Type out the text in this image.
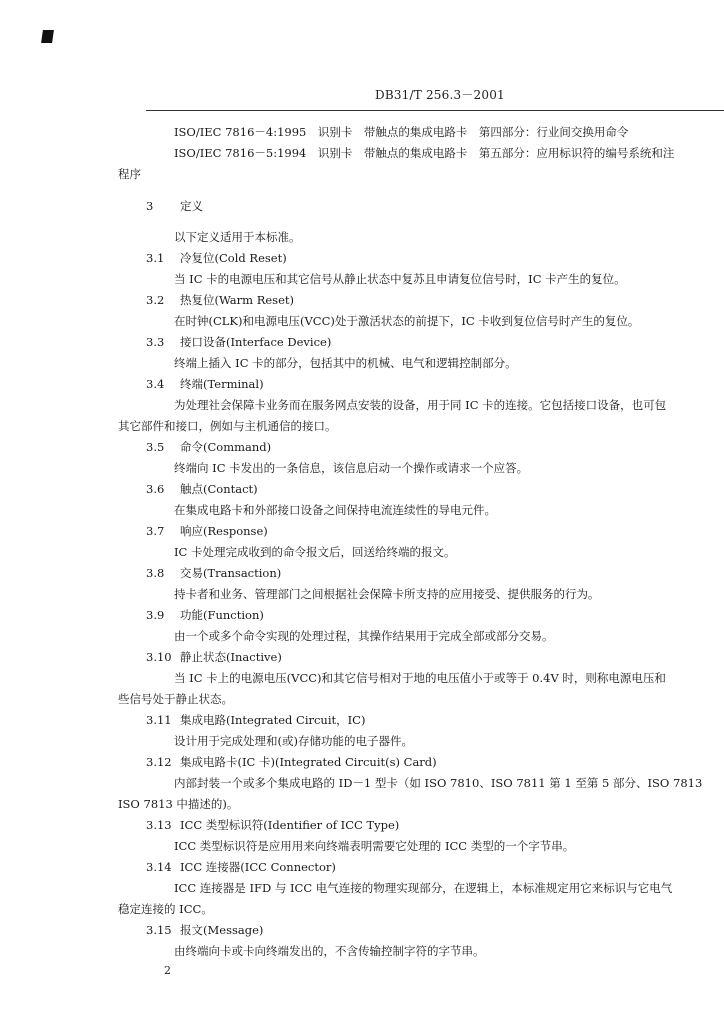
DB31/T 256.3－2001
ISO/IEC 7816－4:1995　识别卡　带触点的集成电路卡　第四部分：行业间交换用命令
ISO/IEC 7816－5:1994　识别卡　带触点的集成电路卡　第五部分：应用标识符的编号系统和注
程序
3 定义
以下定义适用于本标准。
3.1 冷复位(Cold Reset)
当 IC 卡的电源电压和其它信号从静止状态中复苏且申请复位信号时，IC 卡产生的复位。
3.2 热复位(Warm Reset)
在时钟(CLK)和电源电压(VCC)处于激活状态的前提下，IC 卡收到复位信号时产生的复位。
3.3 接口设备(Interface Device)
终端上插入 IC 卡的部分，包括其中的机械、电气和逻辑控制部分。
3.4 终端(Terminal)
为处理社会保障卡业务而在服务网点安装的设备，用于同 IC 卡的连接。它包括接口设备，也可包
其它部件和接口，例如与主机通信的接口。
3.5 命令(Command)
终端向 IC 卡发出的一条信息，该信息启动一个操作或请求一个应答。
3.6 触点(Contact)
在集成电路卡和外部接口设备之间保持电流连续性的导电元件。
3.7 响应(Response)
IC 卡处理完成收到的命令报文后，回送给终端的报文。
3.8 交易(Transaction)
持卡者和业务、管理部门之间根据社会保障卡所支持的应用接受、提供服务的行为。
3.9 功能(Function)
由一个或多个命令实现的处理过程，其操作结果用于完成全部或部分交易。
3.10 静止状态(Inactive)
当 IC 卡上的电源电压(VCC)和其它信号相对于地的电压值小于或等于 0.4V 时，则称电源电压和
些信号处于静止状态。
3.11 集成电路(Integrated Circuit，IC)
设计用于完成处理和(或)存储功能的电子器件。
3.12 集成电路卡(IC 卡)(Integrated Circuit(s) Card)
内部封装一个或多个集成电路的 ID－1 型卡（如 ISO 7810、ISO 7811 第 1 至第 5 部分、ISO 7813
ISO 7813 中描述的)。
3.13 ICC 类型标识符(Identifier of ICC Type)
ICC 类型标识符是应用用来向终端表明需要它处理的 ICC 类型的一个字节串。
3.14 ICC 连接器(ICC Connector)
ICC 连接器是 IFD 与 ICC 电气连接的物理实现部分，在逻辑上，本标准规定用它来标识与它电气
稳定连接的 ICC。
3.15 报文(Message)
由终端向卡或卡向终端发出的，不含传输控制字符的字节串。
2
